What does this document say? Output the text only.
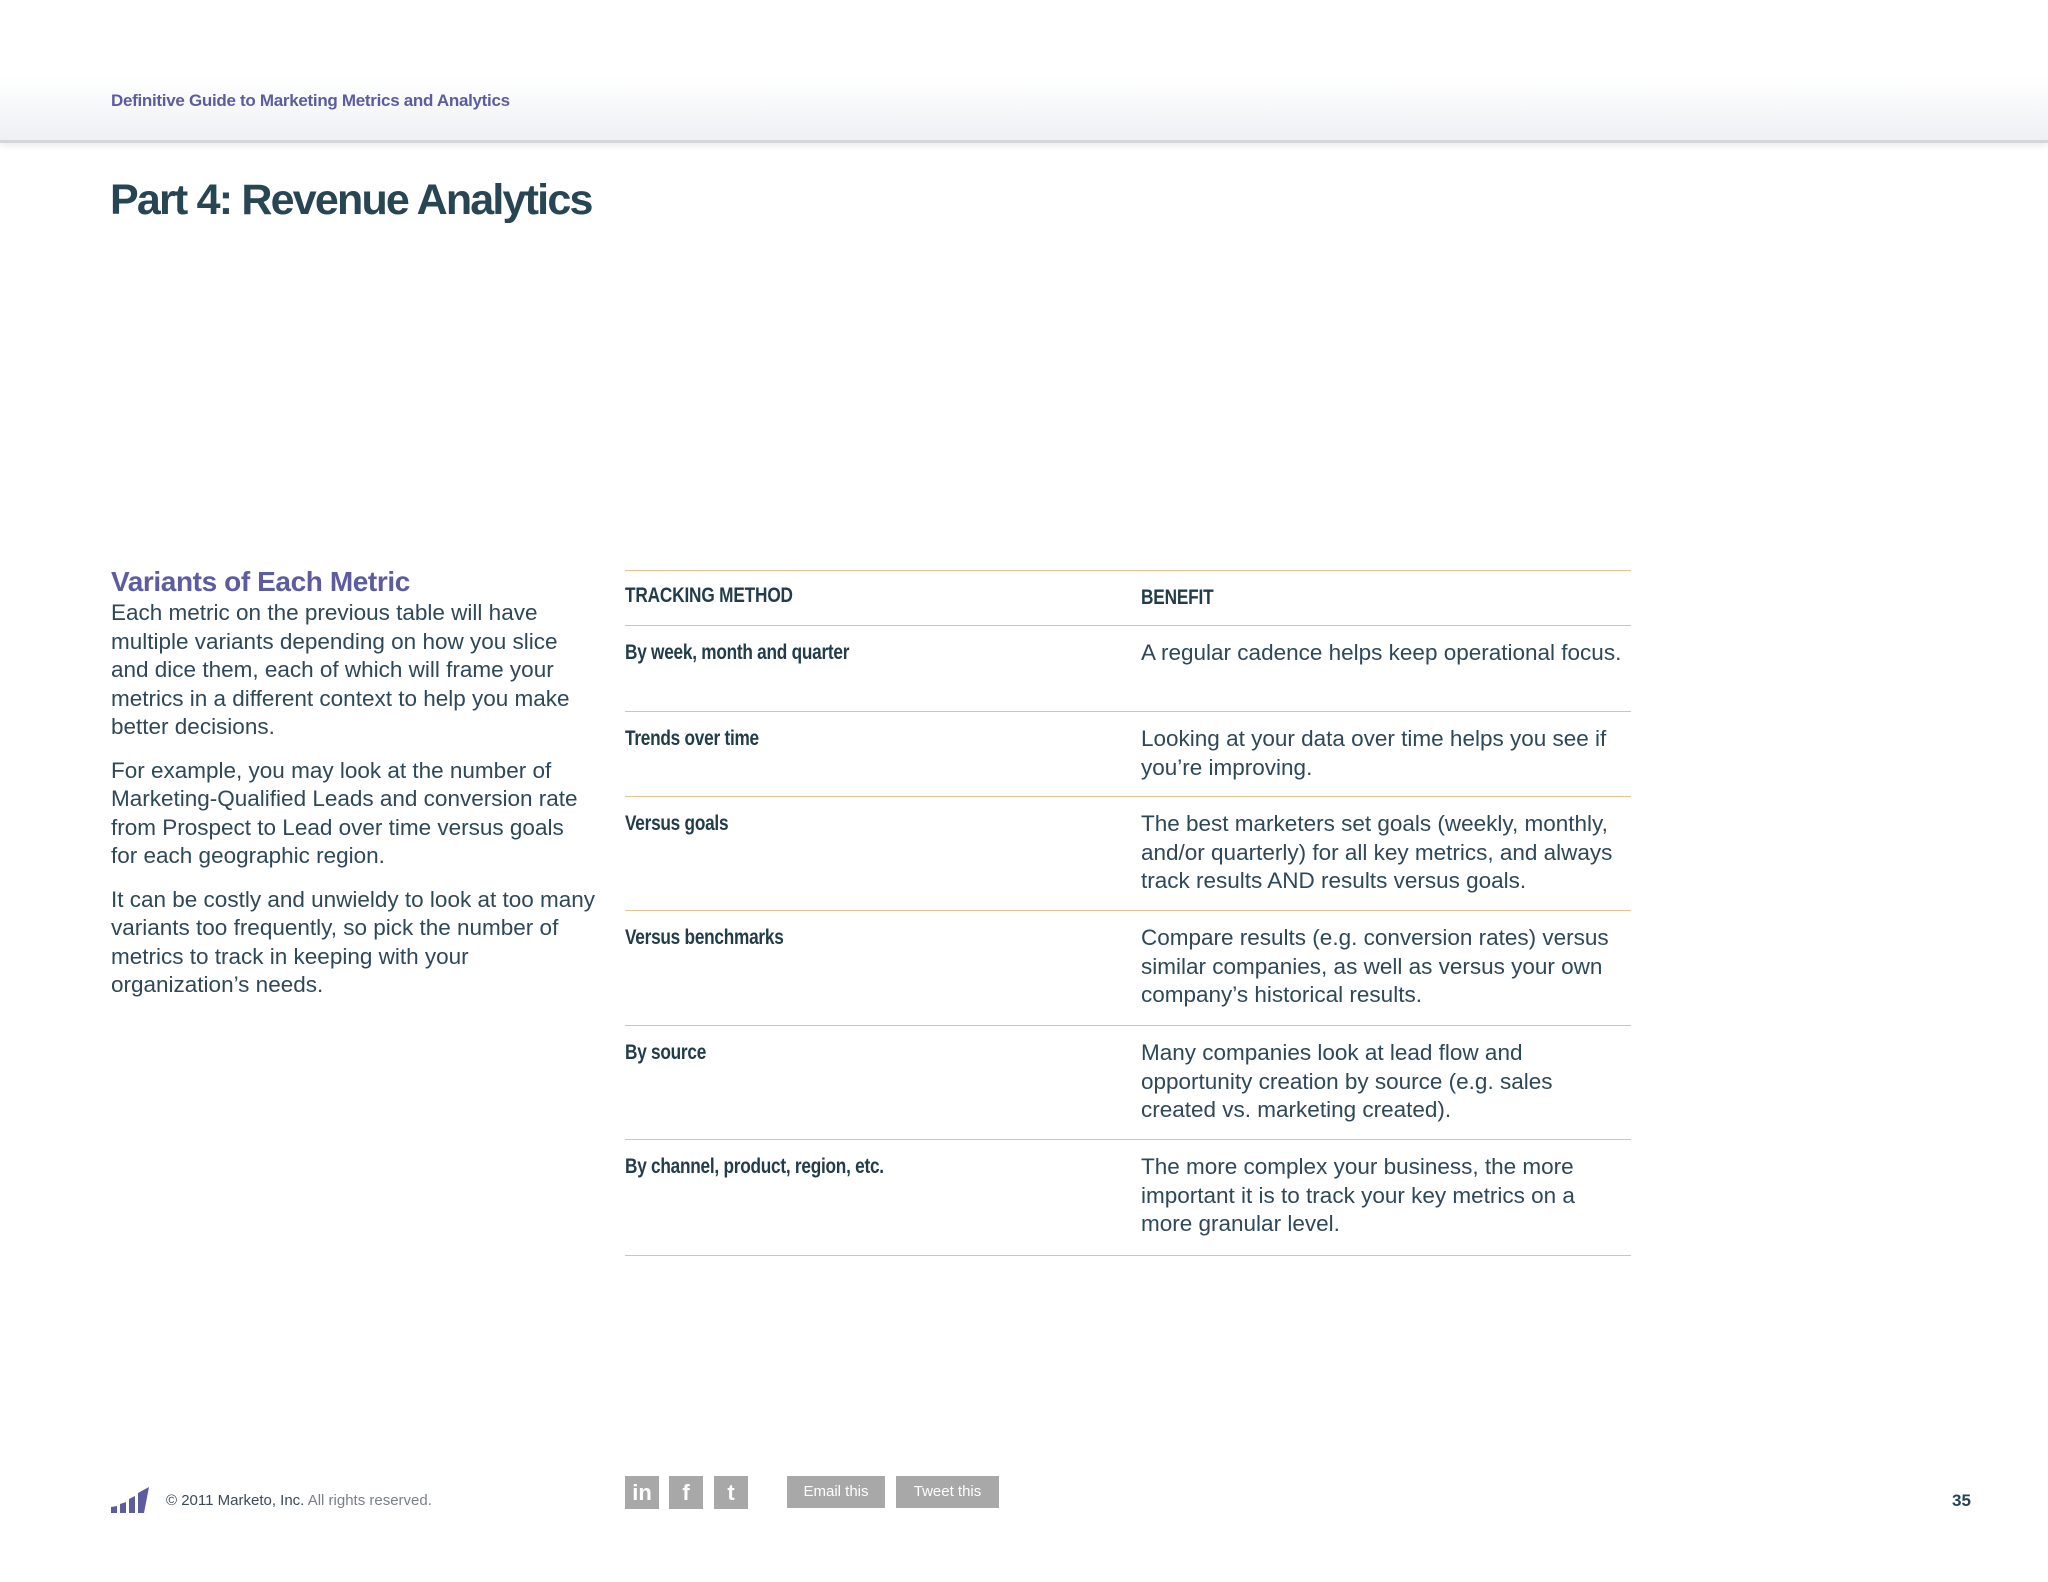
Definitive Guide to Marketing Metrics and Analytics
Part 4: Revenue Analytics
Variants of Each Metric

Each metric on the previous table will have multiple variants depending on how you slice and dice them, each of which will frame your metrics in a different context to help you make better decisions.

For example, you may look at the number of Marketing-Qualified Leads and conversion rate from Prospect to Lead over time versus goals for each geographic region.

It can be costly and unwieldy to look at too many variants too frequently, so pick the number of metrics to track in keeping with your organization’s needs.

TRACKING METHOD	BENEFIT
By week, month and quarter	A regular cadence helps keep operational focus.
Trends over time	Looking at your data over time helps you see if you’re improving.
Versus goals	The best marketers set goals (weekly, monthly, and/or quarterly) for all key metrics, and always track results AND results versus goals.
Versus benchmarks	Compare results (e.g. conversion rates) versus similar companies, as well as versus your own company’s historical results.
By source	Many companies look at lead flow and opportunity creation by source (e.g. sales created vs. marketing created).
By channel, product, region, etc.	The more complex your business, the more important it is to track your key metrics on a more granular level.
© 2011 Marketo, Inc. All rights reserved.	in	f	t	Email this	Tweet this	35
